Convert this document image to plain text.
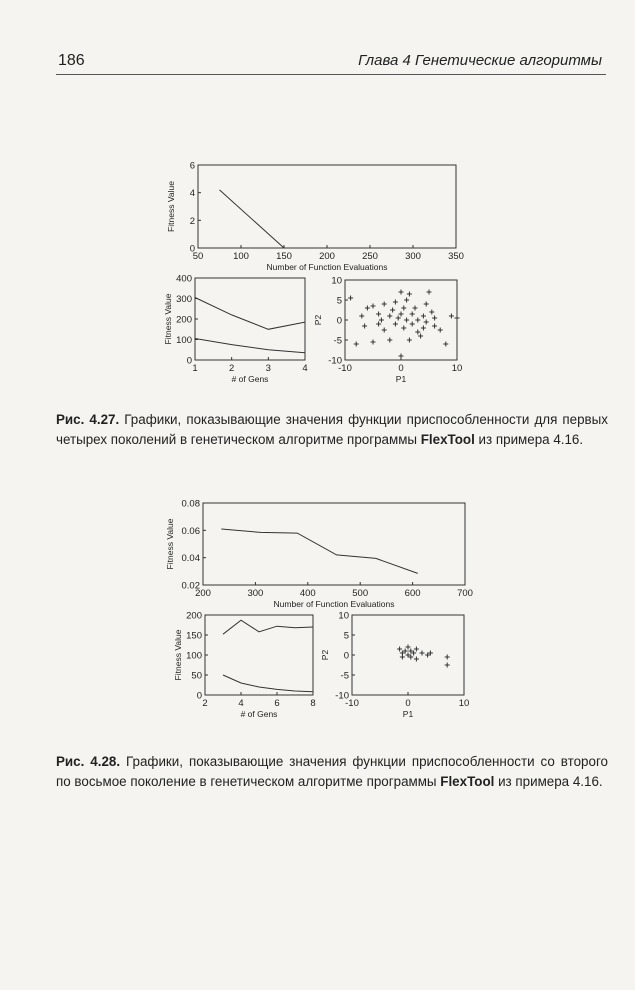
186	Глава 4 Генетические алгоритмы
50	100	150	200	250	300	350
0
2
4
6
Number of Function Evaluations
Fitness Value
1	2	3	4
0
100
200
300
400
# of Gens
Fitness Value
-10	0	10
-10
-5
0
5
10
P1
P2
Рис. 4.27. Графики, показывающие значения функции приспособленности для первых четырех поколений в генетическом алгоритме программы FlexTool из примера 4.16.
200	300	400	500	600	700
0.02
0.04
0.06
0.08
Number of Function Evaluations
Fitness Value
2	4	6	8
0
50
100
150
200
# of Gens
Fitness Value
-10	0	10
-10
-5
0
5
10
P1
P2
Рис. 4.28. Графики, показывающие значения функции приспособленности со второго по восьмое поколение в генетическом алгоритме программы FlexTool из примера 4.16.
